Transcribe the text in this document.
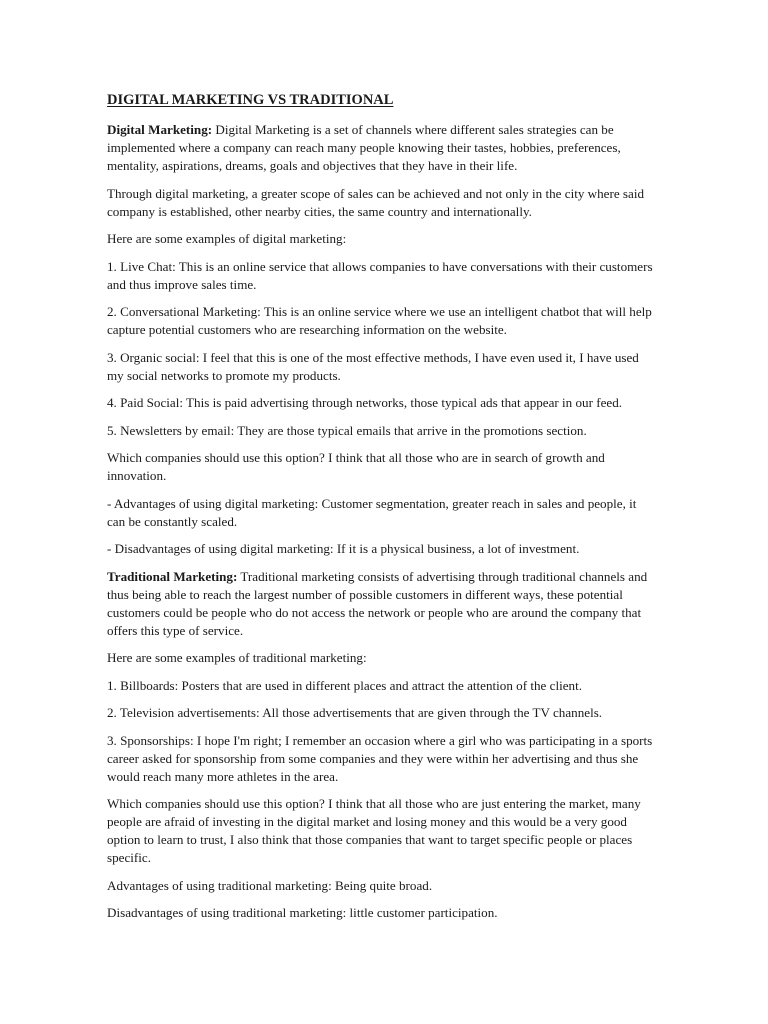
DIGITAL MARKETING VS TRADITIONAL

Digital Marketing: Digital Marketing is a set of channels where different sales strategies can be implemented where a company can reach many people knowing their tastes, hobbies, preferences, mentality, aspirations, dreams, goals and objectives that they have in their life.

Through digital marketing, a greater scope of sales can be achieved and not only in the city where said company is established, other nearby cities, the same country and internationally.

Here are some examples of digital marketing:

1. Live Chat: This is an online service that allows companies to have conversations with their customers and thus improve sales time.

2. Conversational Marketing: This is an online service where we use an intelligent chatbot that will help capture potential customers who are researching information on the website.

3. Organic social: I feel that this is one of the most effective methods, I have even used it, I have used my social networks to promote my products.

4. Paid Social: This is paid advertising through networks, those typical ads that appear in our feed.

5. Newsletters by email: They are those typical emails that arrive in the promotions section.

Which companies should use this option? I think that all those who are in search of growth and innovation.

- Advantages of using digital marketing: Customer segmentation, greater reach in sales and people, it can be constantly scaled.

- Disadvantages of using digital marketing: If it is a physical business, a lot of investment.

Traditional Marketing: Traditional marketing consists of advertising through traditional channels and thus being able to reach the largest number of possible customers in different ways, these potential customers could be people who do not access the network or people who are around the company that offers this type of service.

Here are some examples of traditional marketing:

1. Billboards: Posters that are used in different places and attract the attention of the client.

2. Television advertisements: All those advertisements that are given through the TV channels.

3. Sponsorships: I hope I'm right; I remember an occasion where a girl who was participating in a sports career asked for sponsorship from some companies and they were within her advertising and thus she would reach many more athletes in the area.

Which companies should use this option? I think that all those who are just entering the market, many people are afraid of investing in the digital market and losing money and this would be a very good option to learn to trust, I also think that those companies that want to target specific people or places specific.

Advantages of using traditional marketing: Being quite broad.

Disadvantages of using traditional marketing: little customer participation.
